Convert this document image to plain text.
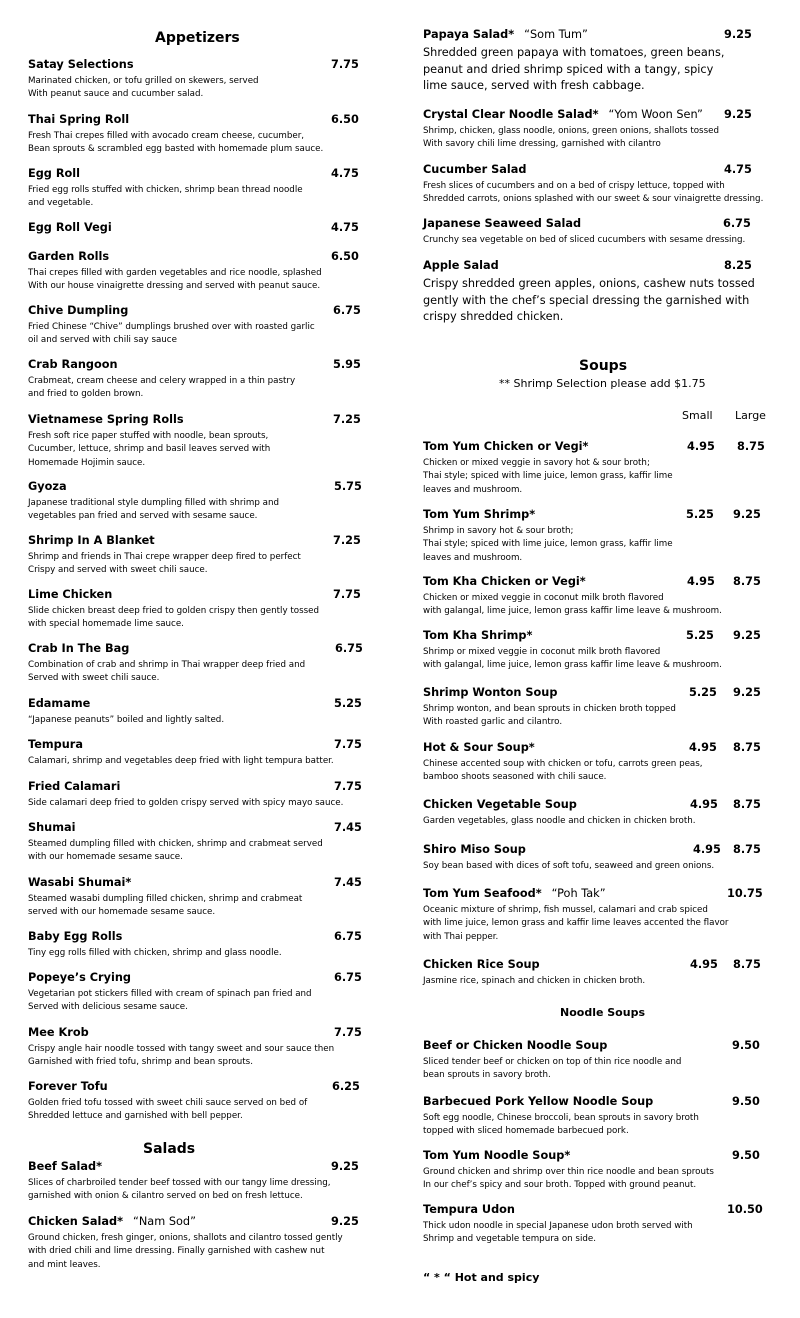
Appetizers
Satay Selections	7.75
Marinated chicken, or tofu grilled on skewers, served
With peanut sauce and cucumber salad.
Thai Spring Roll	6.50
Fresh Thai crepes filled with avocado cream cheese, cucumber,
Bean sprouts & scrambled egg basted with homemade plum sauce.
Egg Roll	4.75
Fried egg rolls stuffed with chicken, shrimp bean thread noodle
and vegetable.
Egg Roll Vegi	4.75
Garden Rolls	6.50
Thai crepes filled with garden vegetables and rice noodle, splashed
With our house vinaigrette dressing and served with peanut sauce.
Chive Dumpling	6.75
Fried Chinese “Chive” dumplings brushed over with roasted garlic
oil and served with chili say sauce
Crab Rangoon	5.95
Crabmeat, cream cheese and celery wrapped in a thin pastry
and fried to golden brown.
Vietnamese Spring Rolls	7.25
Fresh soft rice paper stuffed with noodle, bean sprouts,
Cucumber, lettuce, shrimp and basil leaves served with
Homemade Hojimin sauce.
Gyoza	5.75
Japanese traditional style dumpling filled with shrimp and
vegetables pan fried and served with sesame sauce.
Shrimp In A Blanket	7.25
Shrimp and friends in Thai crepe wrapper deep fired to perfect
Crispy and served with sweet chili sauce.
Lime Chicken	7.75
Slide chicken breast deep fried to golden crispy then gently tossed
with special homemade lime sauce.
Crab In The Bag	6.75
Combination of crab and shrimp in Thai wrapper deep fried and
Served with sweet chili sauce.
Edamame	5.25
“Japanese peanuts” boiled and lightly salted.
Tempura	7.75
Calamari, shrimp and vegetables deep fried with light tempura batter.
Fried Calamari	7.75
Side calamari deep fried to golden crispy served with spicy mayo sauce.
Shumai	7.45
Steamed dumpling filled with chicken, shrimp and crabmeat served
with our homemade sesame sauce.
Wasabi Shumai*	7.45
Steamed wasabi dumpling filled chicken, shrimp and crabmeat
served with our homemade sesame sauce.
Baby Egg Rolls	6.75
Tiny egg rolls filled with chicken, shrimp and glass noodle.
Popeye’s Crying	6.75
Vegetarian pot stickers filled with cream of spinach pan fried and
Served with delicious sesame sauce.
Mee Krob	7.75
Crispy angle hair noodle tossed with tangy sweet and sour sauce then
Garnished with fried tofu, shrimp and bean sprouts.
Forever Tofu	6.25
Golden fried tofu tossed with sweet chili sauce served on bed of
Shredded lettuce and garnished with bell pepper.
Salads
Beef Salad*	9.25
Slices of charbroiled tender beef tossed with our tangy lime dressing,
garnished with onion & cilantro served on bed on fresh lettuce.
Chicken Salad* “Nam Sod”	9.25
Ground chicken, fresh ginger, onions, shallots and cilantro tossed gently
with dried chili and lime dressing. Finally garnished with cashew nut
and mint leaves.
Papaya Salad* “Som Tum”	9.25
Shredded green papaya with tomatoes, green beans,
peanut and dried shrimp spiced with a tangy, spicy
lime sauce, served with fresh cabbage.
Crystal Clear Noodle Salad* “Yom Woon Sen” 9.25
Shrimp, chicken, glass noodle, onions, green onions, shallots tossed
With savory chili lime dressing, garnished with cilantro
Cucumber Salad	4.75
Fresh slices of cucumbers and on a bed of crispy lettuce, topped with
Shredded carrots, onions splashed with our sweet & sour vinaigrette dressing.
Japanese Seaweed Salad	6.75
Crunchy sea vegetable on bed of sliced cucumbers with sesame dressing.
Apple Salad	8.25
Crispy shredded green apples, onions, cashew nuts tossed
gently with the chef’s special dressing the garnished with
crispy shredded chicken.
Soups
** Shrimp Selection please add $1.75
Small Large
Tom Yum Chicken or Vegi*	4.95 8.75
Chicken or mixed veggie in savory hot & sour broth;
Thai style; spiced with lime juice, lemon grass, kaffir lime
leaves and mushroom.
Tom Yum Shrimp*	5.25 9.25
Shrimp in savory hot & sour broth;
Thai style; spiced with lime juice, lemon grass, kaffir lime
leaves and mushroom.
Tom Kha Chicken or Vegi*	4.95 8.75
Chicken or mixed veggie in coconut milk broth flavored
with galangal, lime juice, lemon grass kaffir lime leave & mushroom.
Tom Kha Shrimp*	5.25 9.25
Shrimp or mixed veggie in coconut milk broth flavored
with galangal, lime juice, lemon grass kaffir lime leave & mushroom.
Shrimp Wonton Soup	5.25 9.25
Shrimp wonton, and bean sprouts in chicken broth topped
With roasted garlic and cilantro.
Hot & Sour Soup*	4.95 8.75
Chinese accented soup with chicken or tofu, carrots green peas,
bamboo shoots seasoned with chili sauce.
Chicken Vegetable Soup	4.95 8.75
Garden vegetables, glass noodle and chicken in chicken broth.
Shiro Miso Soup	4.95 8.75
Soy bean based with dices of soft tofu, seaweed and green onions.
Tom Yum Seafood* “Poh Tak”	10.75
Oceanic mixture of shrimp, fish mussel, calamari and crab spiced
with lime juice, lemon grass and kaffir lime leaves accented the flavor
with Thai pepper.
Chicken Rice Soup	4.95 8.75
Jasmine rice, spinach and chicken in chicken broth.
Noodle Soups
Beef or Chicken Noodle Soup	9.50
Sliced tender beef or chicken on top of thin rice noodle and
bean sprouts in savory broth.
Barbecued Pork Yellow Noodle Soup	9.50
Soft egg noodle, Chinese broccoli, bean sprouts in savory broth
topped with sliced homemade barbecued pork.
Tom Yum Noodle Soup*	9.50
Ground chicken and shrimp over thin rice noodle and bean sprouts
In our chef’s spicy and sour broth. Topped with ground peanut.
Tempura Udon	10.50
Thick udon noodle in special Japanese udon broth served with
Shrimp and vegetable tempura on side.
“ * “ Hot and spicy
